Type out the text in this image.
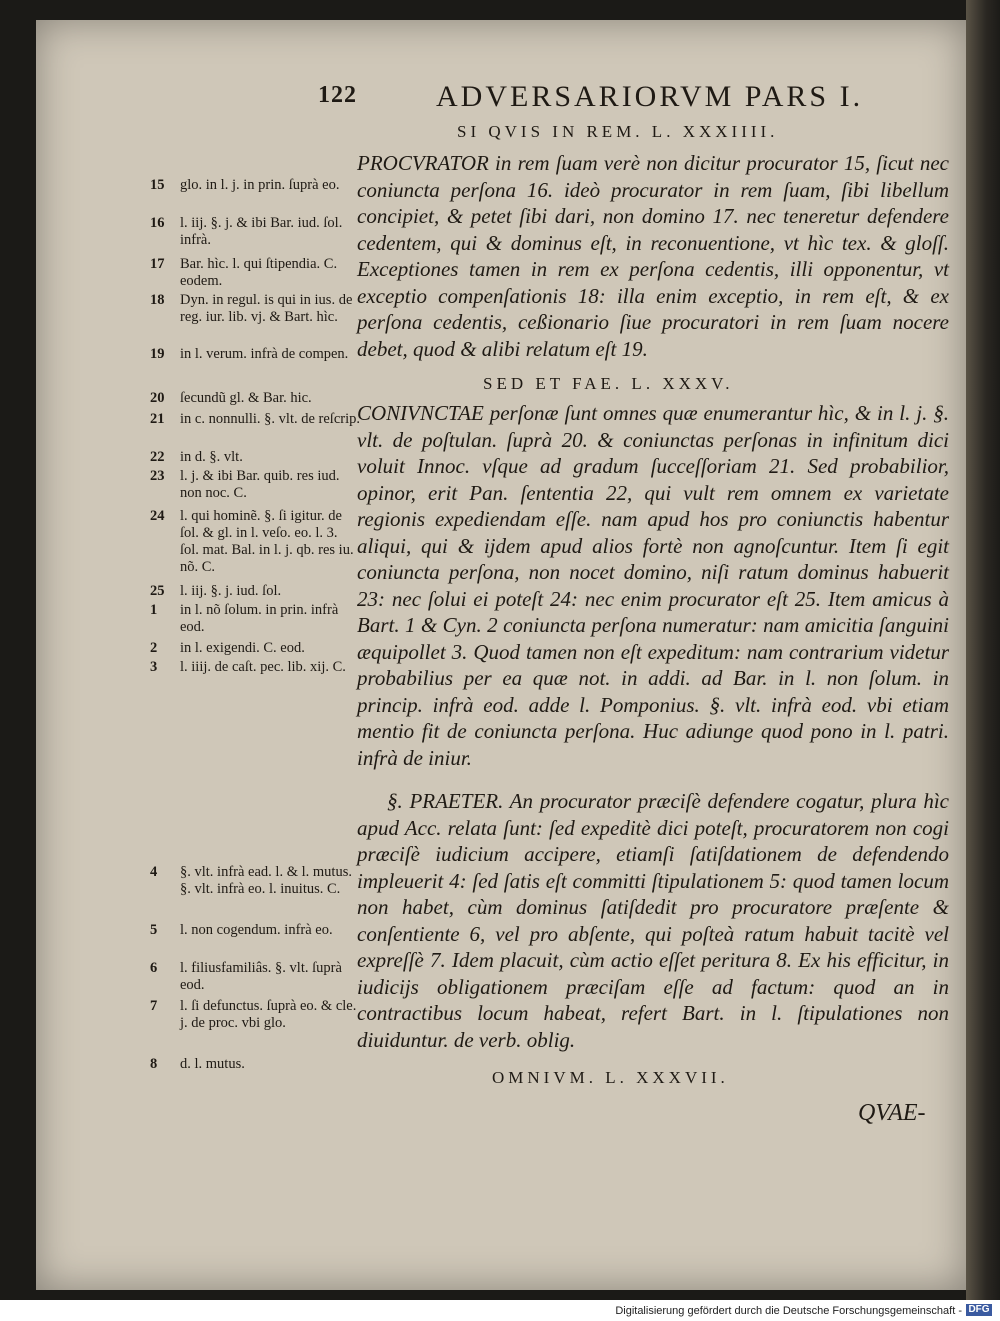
122	ADVERSARIORVM PARS I.
SI QVIS IN REM. L. XXXIIII.
PROCVRATOR in rem ſuam verè non dicitur procurator 15, ſicut nec coniuncta perſona 16. ideò procurator in rem ſuam, ſibi libellum concipiet, & petet ſibi dari, non domino 17. nec teneretur defendere cedentem, qui & dominus eſt, in reconuentione, vt hìc tex. & gloſſ. Exceptiones tamen in rem ex perſona cedentis, illi opponentur, vt exceptio compenſationis 18: illa enim exceptio, in rem eſt, & ex perſona cedentis, ceßionario ſiue procuratori in rem ſuam nocere debet, quod & alibi relatum eſt 19.
SED ET FAE. L. XXXV.
CONIVNCTAE perſonæ ſunt omnes quæ enumerantur hìc, & in l. j. §. vlt. de poſtulan. ſuprà 20. & coniunctas perſonas in infinitum dici voluit Innoc. vſque ad gradum ſucceſſoriam 21. Sed probabilior, opinor, erit Pan. ſententia 22, qui vult rem omnem ex varietate regionis expediendam eſſe. nam apud hos pro coniunctis habentur aliqui, qui & ijdem apud alios fortè non agnoſcuntur. Item ſi egit coniuncta perſona, non nocet domino, niſi ratum dominus habuerit 23: nec ſolui ei poteſt 24: nec enim procurator eſt 25. Item amicus à Bart. 1 & Cyn. 2 coniuncta perſona numeratur: nam amicitia ſanguini æquipollet 3. Quod tamen non eſt expeditum: nam contrarium videtur probabilius per ea quæ not. in addi. ad Bar. in l. non ſolum. in princip. infrà eod. adde l. Pomponius. §. vlt. infrà eod. vbi etiam mentio fit de coniuncta perſona. Huc adiunge quod pono in l. patri. infrà de iniur.
§. PRAETER. An procurator præciſè defendere cogatur, plura hìc apud Acc. relata ſunt: ſed expeditè dici poteſt, procuratorem non cogi præciſè iudicium accipere, etiamſi ſatiſdationem de defendendo impleuerit 4: ſed ſatis eſt committi ſtipulationem 5: quod tamen locum non habet, cùm dominus ſatiſdedit pro procuratore præſente & conſentiente 6, vel pro abſente, qui poſteà ratum habuit tacitè vel expreſſè 7. Idem placuit, cùm actio eſſet peritura 8. Ex his efficitur, in iudicijs obligationem præciſam eſſe ad factum: quod an in contractibus locum habeat, refert Bart. in l. ſtipulationes non diuiduntur. de verb. oblig.
OMNIVM. L. XXXVII.
QVAE-
15	glo. in l. j. in prin. ſuprà eo.
16	l. iij. §. j. & ibi Bar. iud. ſol. infrà.
17	Bar. hìc. l. qui ſtipendia. C. eodem.
18	Dyn. in regul. is qui in ius. de reg. iur. lib. vj. & Bart. hìc.
19	in l. verum. infrà de compen.
20	ſecundũ gl. & Bar. hic.
21	in c. nonnulli. §. vlt. de reſcrip.
22	in d. §. vlt.
23	l. j. & ibi Bar. quib. res iud. non noc. C.
24	l. qui hominẽ. §. ſi igitur. de ſol. & gl. in l. veſo. eo. l. 3. ſol. mat. Bal. in l. j. qb. res iu. nõ. C.
25	l. iij. §. j. iud. ſol.
1	in l. nõ ſolum. in prin. infrà eod.
2	in l. exigendi. C. eod.
3	l. iiij. de caſt. pec. lib. xij. C.
4	§. vlt. infrà ead. l. & l. mutus. §. vlt. infrà eo. l. inuitus. C.
5	l. non cogendum. infrà eo.
6	l. filiusfamiliâs. §. vlt. ſuprà eod.
7	l. ſi defunctus. ſuprà eo. & cle. j. de proc. vbi glo.
8	d. l. mutus.
Digitalisierung gefördert durch die Deutsche Forschungsgemeinschaft - DFG
